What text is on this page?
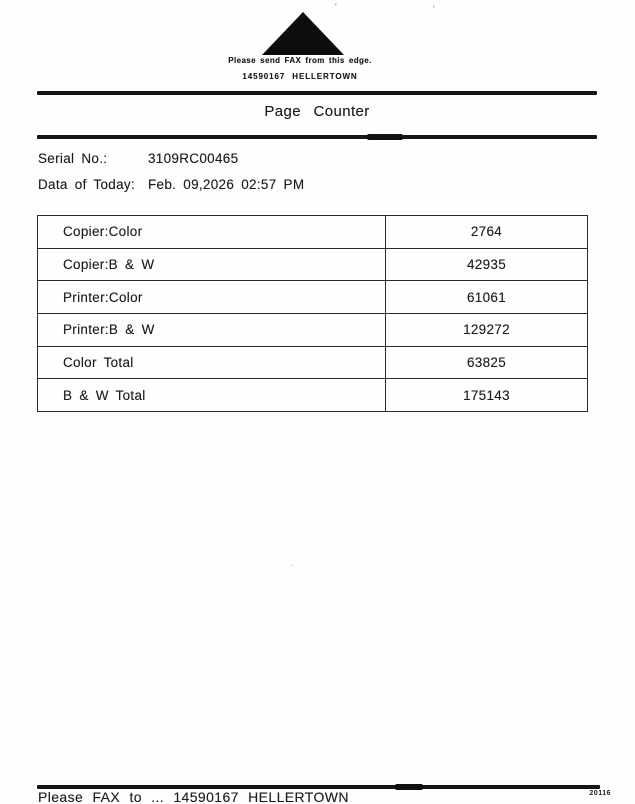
'	'
.
Please send FAX from this edge.
14590167 HELLERTOWN
Page Counter
Serial No.:	3109RC00465
Data of Today: Feb. 09,2026 02:57 PM
Copier:Color	2764
Copier:B & W	42935
Printer:Color	61061
Printer:B & W	129272
Color Total	63825
B & W Total	175143
Please FAX to ... 14590167 HELLERTOWN	20116
